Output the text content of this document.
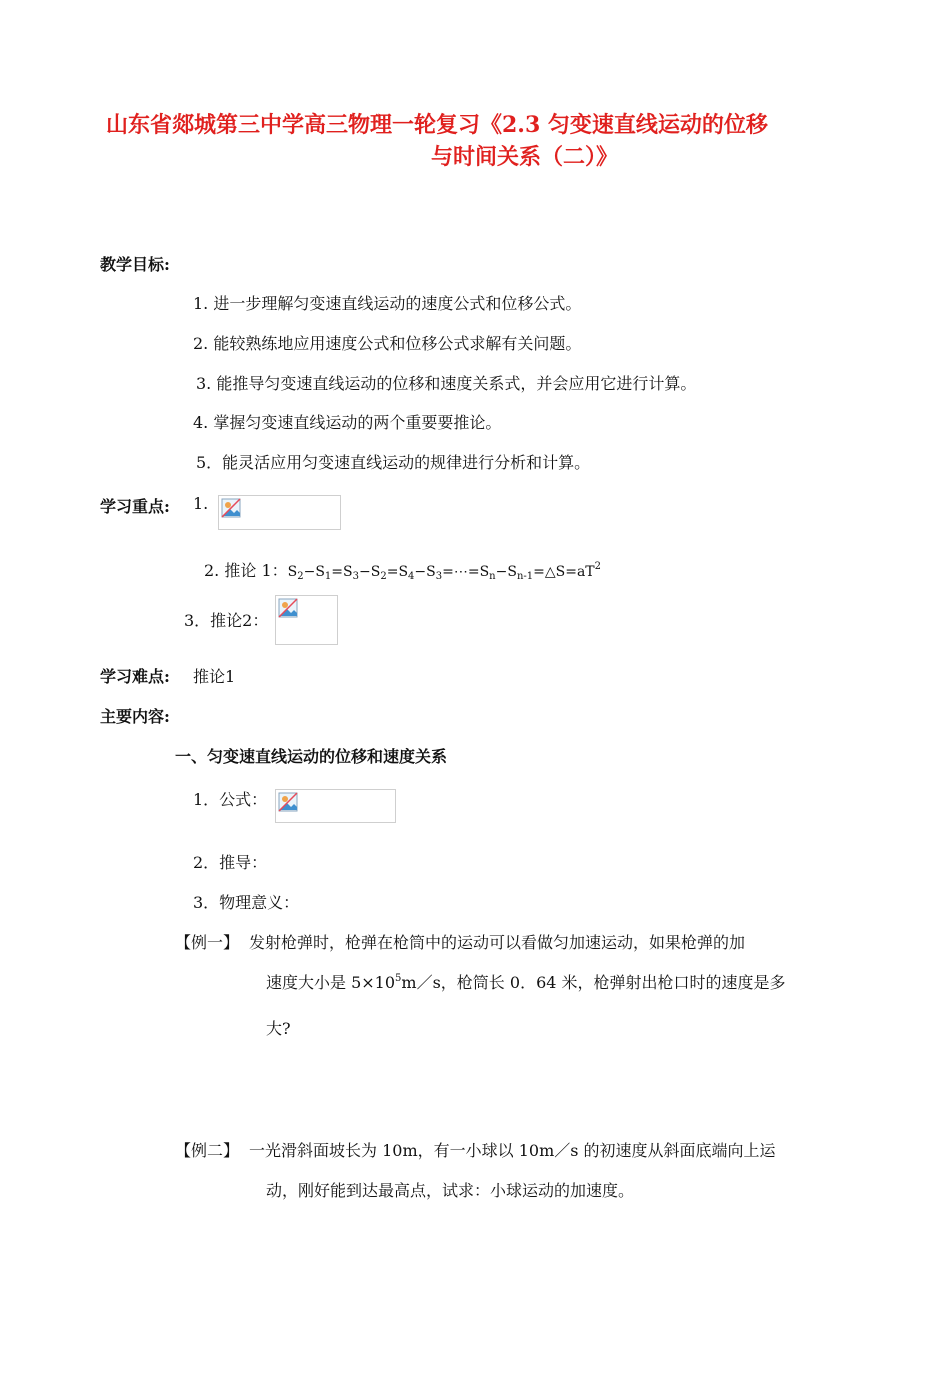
山东省郯城第三中学高三物理一轮复习《2.3 匀变速直线运动的位移
与时间关系（二）》
教学目标:
1. 进一步理解匀变速直线运动的速度公式和位移公式。
2. 能较熟练地应用速度公式和位移公式求解有关问题。
3. 能推导匀变速直线运动的位移和速度关系式，并会应用它进行计算。
4. 掌握匀变速直线运动的两个重要要推论。
5．能灵活应用匀变速直线运动的规律进行分析和计算。
学习重点: 1.
2. 推论 1：$S_2-S_1=S_3-S_2=S_4-S_3=\cdots=S_n-S_{n-1}=\triangle S=aT^2$
3．推论2：
学习难点: 推论1
主要内容:
一、匀变速直线运动的位移和速度关系
1．公式：
2．推导：
3．物理意义：
【例一】 发射枪弹时，枪弹在枪筒中的运动可以看做匀加速运动，如果枪弹的加
速度大小是 $5\times 10^5m/s$，枪筒长 0．64 米，枪弹射出枪口时的速度是多
大?
【例二】 一光滑斜面坡长为 10m，有一小球以 10m／s 的初速度从斜面底端向上运
动，刚好能到达最高点，试求：小球运动的加速度。
